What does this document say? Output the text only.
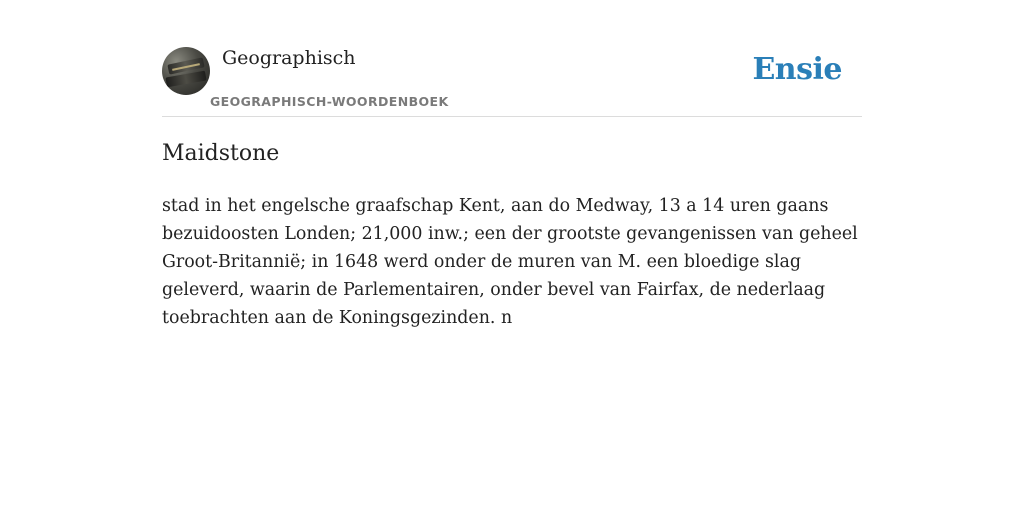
Geographisch
GEOGRAPHISCH-WOORDENBOEK
Ensie
Maidstone

stad in het engelsche graafschap Kent, aan do Medway, 13 a 14 uren gaans bezuidoosten Londen; 21,000 inw.; een der grootste gevangenissen van geheel Groot-Britannië; in 1648 werd onder de muren van M. een bloedige slag geleverd, waarin de Parlementairen, onder bevel van Fairfax, de nederlaag toebrachten aan de Koningsgezinden. n
